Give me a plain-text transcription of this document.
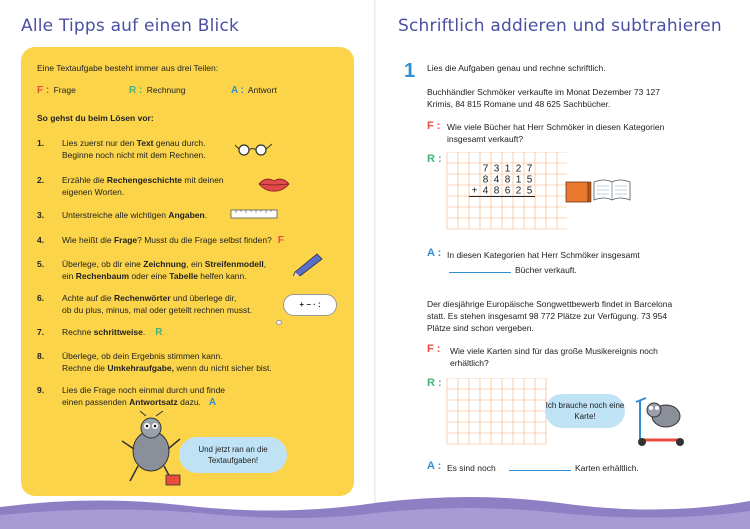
Alle Tipps auf einen Blick
Eine Textaufgabe besteht immer aus drei Teilen:
F : Frage	R : Rechnung	A : Antwort
So gehst du beim Lösen vor:
1. Lies zuerst nur den Text genau durch.
Beginne noch nicht mit dem Rechnen.
2. Erzähle die Rechengeschichte mit deinen
eigenen Worten.
3. Unterstreiche alle wichtigen Angaben.
4. Wie heißt die Frage? Musst du die Frage selbst finden? F
5. Überlege, ob dir eine Zeichnung, ein Streifenmodell,
ein Rechenbaum oder eine Tabelle helfen kann.
6. Achte auf die Rechenwörter und überlege dir,
ob du plus, minus, mal oder geteilt rechnen musst.
+ − · :
7. Rechne schrittweise. R
8. Überlege, ob dein Ergebnis stimmen kann.
Rechne die Umkehraufgabe, wenn du nicht sicher bist.
9. Lies die Frage noch einmal durch und finde
einen passenden Antwortsatz dazu. A
Und jetzt ran an die Textaufgaben!
Schriftlich addieren und subtrahieren
1 Lies die Aufgaben genau und rechne schriftlich.
Buchhändler Schmöker verkaufte im Monat Dezember 73 127
Krimis, 84 815 Romane und 48 625 Sachbücher.
F : Wie viele Bücher hat Herr Schmöker in diesen Kategorien
insgesamt verkauft?
R :
7 3 1 2 7
8 4 8 1 5
+ 4 8 6 2 5
A : In diesen Kategorien hat Herr Schmöker insgesamt
Bücher verkauft.
Der diesjährige Europäische Songwettbewerb findet in Barcelona
statt. Es stehen insgesamt 98 772 Plätze zur Verfügung. 73 954
Plätze sind schon vergeben.
F : Wie viele Karten sind für das große Musikereignis noch
erhältlich?
R :
Ich brauche noch eine Karte!
A : Es sind noch	Karten erhältlich.
